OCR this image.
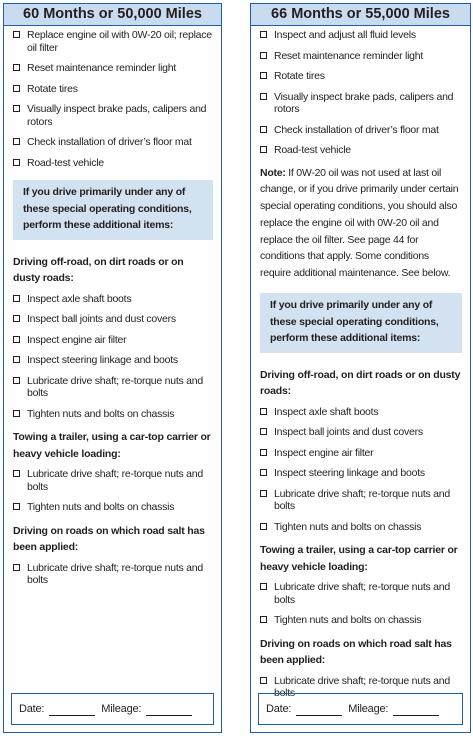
60 Months or 50,000 Miles
Replace engine oil with 0W-20 oil; replace oil filter
Reset maintenance reminder light
Rotate tires
Visually inspect brake pads, calipers and rotors
Check installation of driver’s floor mat
Road-test vehicle
If you drive primarily under any of these special operating conditions, perform these additional items:
Driving off-road, on dirt roads or on dusty roads:
Inspect axle shaft boots
Inspect ball joints and dust covers
Inspect engine air filter
Inspect steering linkage and boots
Lubricate drive shaft; re-torque nuts and bolts
Tighten nuts and bolts on chassis
Towing a trailer, using a car-top carrier or heavy vehicle loading:
Lubricate drive shaft; re-torque nuts and bolts
Tighten nuts and bolts on chassis
Driving on roads on which road salt has been applied:
Lubricate drive shaft; re-torque nuts and bolts
Date:	Mileage:
66 Months or 55,000 Miles
Inspect and adjust all fluid levels
Reset maintenance reminder light
Rotate tires
Visually inspect brake pads, calipers and rotors
Check installation of driver’s floor mat
Road-test vehicle

Note: If 0W-20 oil was not used at last oil change, or if you drive primarily under certain special operating conditions, you should also replace the engine oil with 0W-20 oil and replace the oil filter. See page 44 for conditions that apply. Some conditions require additional maintenance. See below.

If you drive primarily under any of these special operating conditions, perform these additional items:
Driving off-road, on dirt roads or on dusty roads:
Inspect axle shaft boots
Inspect ball joints and dust covers
Inspect engine air filter
Inspect steering linkage and boots
Lubricate drive shaft; re-torque nuts and bolts
Tighten nuts and bolts on chassis
Towing a trailer, using a car-top carrier or heavy vehicle loading:
Lubricate drive shaft; re-torque nuts and bolts
Tighten nuts and bolts on chassis
Driving on roads on which road salt has been applied:
Lubricate drive shaft; re-torque nuts and bolts
Date:	Mileage:
